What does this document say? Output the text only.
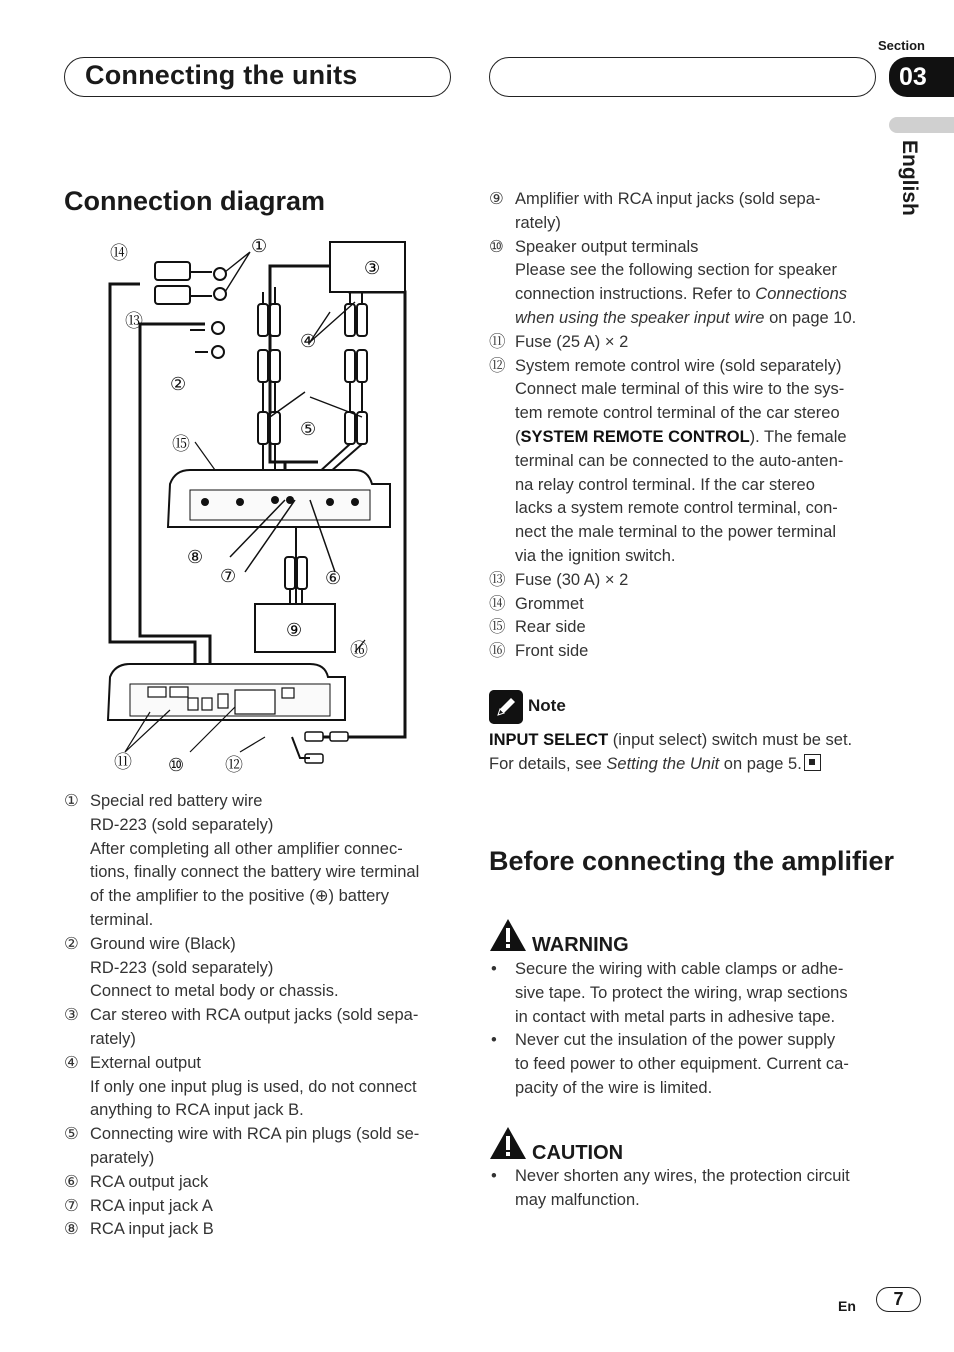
Connecting the units
Section
03
English
Connection diagram
③
⑨
①
②
④
⑤
⑥
⑦
⑧
⑩
⑪	⑫
⑬
⑭
⑮
⑯
① Special red battery wire
RD-223 (sold separately)
After completing all other amplifier connec-
tions, finally connect the battery wire terminal
of the amplifier to the positive (⊕) battery
terminal.
② Ground wire (Black)
RD-223 (sold separately)
Connect to metal body or chassis.
③ Car stereo with RCA output jacks (sold sepa-
rately)
④ External output
If only one input plug is used, do not connect
anything to RCA input jack B.
⑤ Connecting wire with RCA pin plugs (sold se-
parately)
⑥ RCA output jack
⑦ RCA input jack A
⑧ RCA input jack B
⑨ Amplifier with RCA input jacks (sold sepa-
rately)
⑩ Speaker output terminals
Please see the following section for speaker
connection instructions. Refer to Connections
when using the speaker input wire on page 10.
⑪ Fuse (25 A) × 2
⑫ System remote control wire (sold separately)
Connect male terminal of this wire to the sys-
tem remote control terminal of the car stereo
(SYSTEM REMOTE CONTROL). The female
terminal can be connected to the auto-anten-
na relay control terminal. If the car stereo
lacks a system remote control terminal, con-
nect the male terminal to the power terminal
via the ignition switch.
⑬ Fuse (30 A) × 2
⑭ Grommet
⑮ Rear side
⑯ Front side
Note
INPUT SELECT (input select) switch must be set.
For details, see Setting the Unit on page 5.
Before connecting the amplifier
WARNING
•	Secure the wiring with cable clamps or adhe-
sive tape. To protect the wiring, wrap sections
in contact with metal parts in adhesive tape.
•	Never cut the insulation of the power supply
to feed power to other equipment. Current ca-
pacity of the wire is limited.
CAUTION
•	Never shorten any wires, the protection circuit
may malfunction.
En	7
